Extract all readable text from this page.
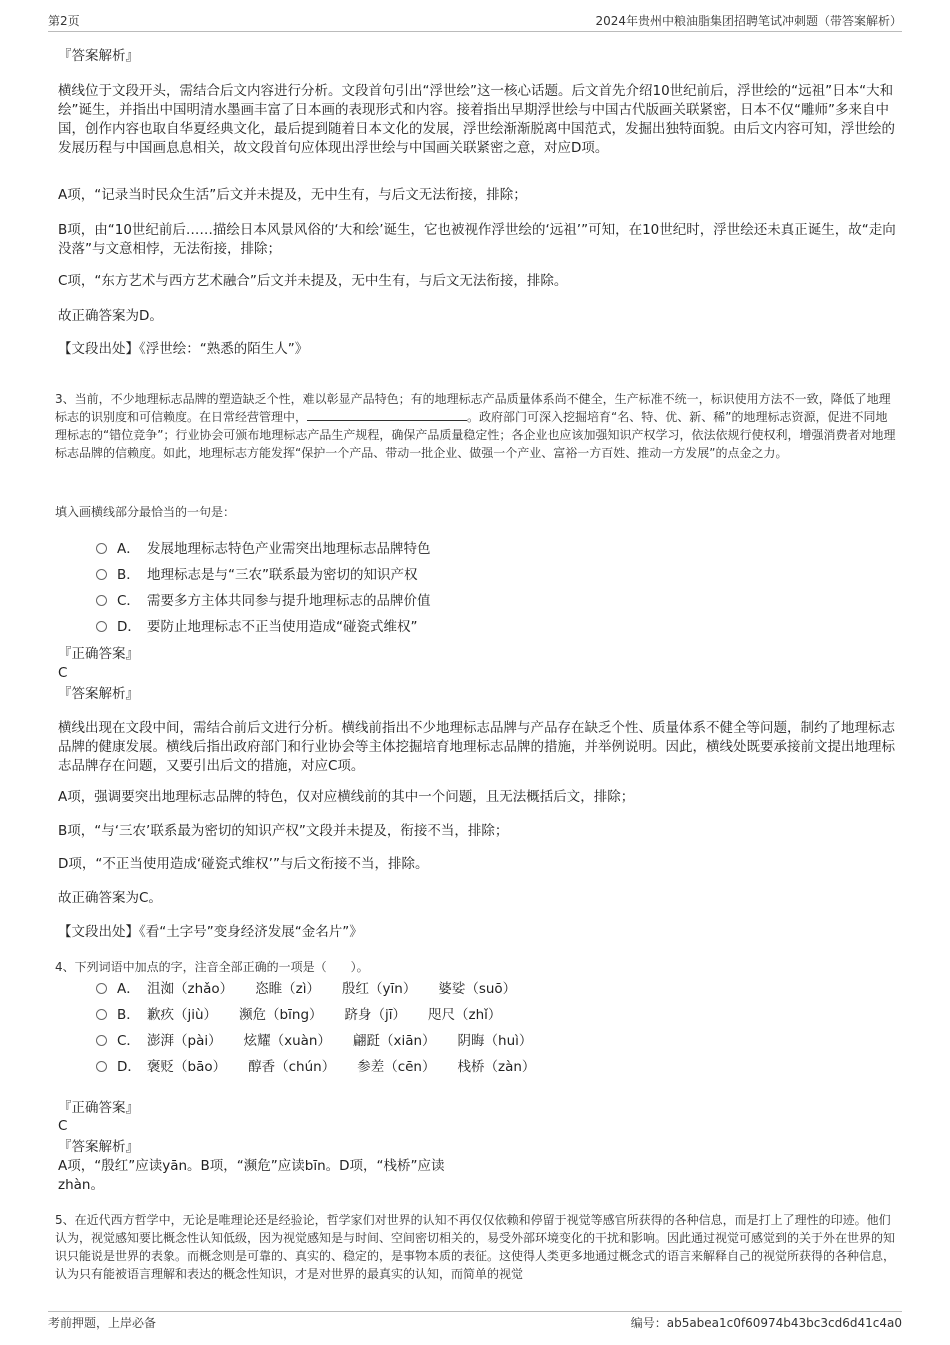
第2页	2024年贵州中粮油脂集团招聘笔试冲刺题（带答案解析）
『答案解析』
横线位于文段开头，需结合后文内容进行分析。文段首句引出“浮世绘”这一核心话题。后文首先介绍10世纪前后，浮世绘的“远祖”日本“大和绘”诞生，并指出中国明清水墨画丰富了日本画的表现形式和内容。接着指出早期浮世绘与中国古代版画关联紧密，日本不仅“雕师”多来自中国，创作内容也取自华夏经典文化，最后提到随着日本文化的发展，浮世绘渐渐脱离中国范式，发掘出独特面貌。由后文内容可知，浮世绘的发展历程与中国画息息相关，故文段首句应体现出浮世绘与中国画关联紧密之意，对应D项。
A项，“记录当时民众生活”后文并未提及，无中生有，与后文无法衔接，排除；
B项，由“10世纪前后……描绘日本风景风俗的‘大和绘’诞生，它也被视作浮世绘的‘远祖’”可知，在10世纪时，浮世绘还未真正诞生，故“走向没落”与文意相悖，无法衔接，排除；
C项，“东方艺术与西方艺术融合”后文并未提及，无中生有，与后文无法衔接，排除。
故正确答案为D。
【文段出处】《浮世绘：“熟悉的陌生人”》
3、当前，不少地理标志品牌的塑造缺乏个性，难以彰显产品特色；有的地理标志产品质量体系尚不健全，生产标准不统一，标识使用方法不一致，降低了地理标志的识别度和可信赖度。在日常经营管理中，	。政府部门可深入挖掘培育“名、特、优、新、稀”的地理标志资源，促进不同地理标志的“错位竞争”；行业协会可颁布地理标志产品生产规程，确保产品质量稳定性；各企业也应该加强知识产权学习，依法依规行使权利，增强消费者对地理标志品牌的信赖度。如此，地理标志方能发挥“保护一个产品、带动一批企业、做强一个产业、富裕一方百姓、推动一方发展”的点金之力。
填入画横线部分最恰当的一句是：
A． 发展地理标志特色产业需突出地理标志品牌特色
B． 地理标志是与“三农”联系最为密切的知识产权
C． 需要多方主体共同参与提升地理标志的品牌价值
D． 要防止地理标志不正当使用造成“碰瓷式维权”
『正确答案』
C
『答案解析』
横线出现在文段中间，需结合前后文进行分析。横线前指出不少地理标志品牌与产品存在缺乏个性、质量体系不健全等问题，制约了地理标志品牌的健康发展。横线后指出政府部门和行业协会等主体挖掘培育地理标志品牌的措施，并举例说明。因此，横线处既要承接前文提出地理标志品牌存在问题，又要引出后文的措施，对应C项。
A项，强调要突出地理标志品牌的特色，仅对应横线前的其中一个问题，且无法概括后文，排除；
B项，“与‘三农’联系最为密切的知识产权”文段并未提及，衔接不当，排除；
D项，“不正当使用造成‘碰瓷式维权’”与后文衔接不当，排除。
故正确答案为C。
【文段出处】《看“土字号”变身经济发展“金名片”》
4、下列词语中加点的字，注音全部正确的一项是（　　）。
A． 沮洳（zhǎo） 恣睢（zì） 殷红（yīn） 婆娑（suō）
B． 歉疚（jiù） 濒危（bīng） 跻身（jī） 咫尺（zhǐ）
C． 澎湃（pài） 炫耀（xuàn） 翩跹（xiān） 阴晦（huì）
D． 褒贬（bāo） 醇香（chún） 参差（cēn） 栈桥（zàn）
『正确答案』
C
『答案解析』
A项，“殷红”应读yān。B项，“濒危”应读bīn。D项，“栈桥”应读
zhàn。
5、在近代西方哲学中，无论是唯理论还是经验论，哲学家们对世界的认知不再仅仅依赖和停留于视觉等感官所获得的各种信息，而是打上了理性的印迹。他们认为，视觉感知要比概念性认知低级，因为视觉感知是与时间、空间密切相关的，易受外部环境变化的干扰和影响。因此通过视觉可感觉到的关于外在世界的知识只能说是世界的表象。而概念则是可靠的、真实的、稳定的，是事物本质的表征。这使得人类更多地通过概念式的语言来解释自己的视觉所获得的各种信息，认为只有能被语言理解和表达的概念性知识，才是对世界的最真实的认知，而简单的视觉
考前押题，上岸必备	编号：ab5abea1c0f60974b43bc3cd6d41c4a0
